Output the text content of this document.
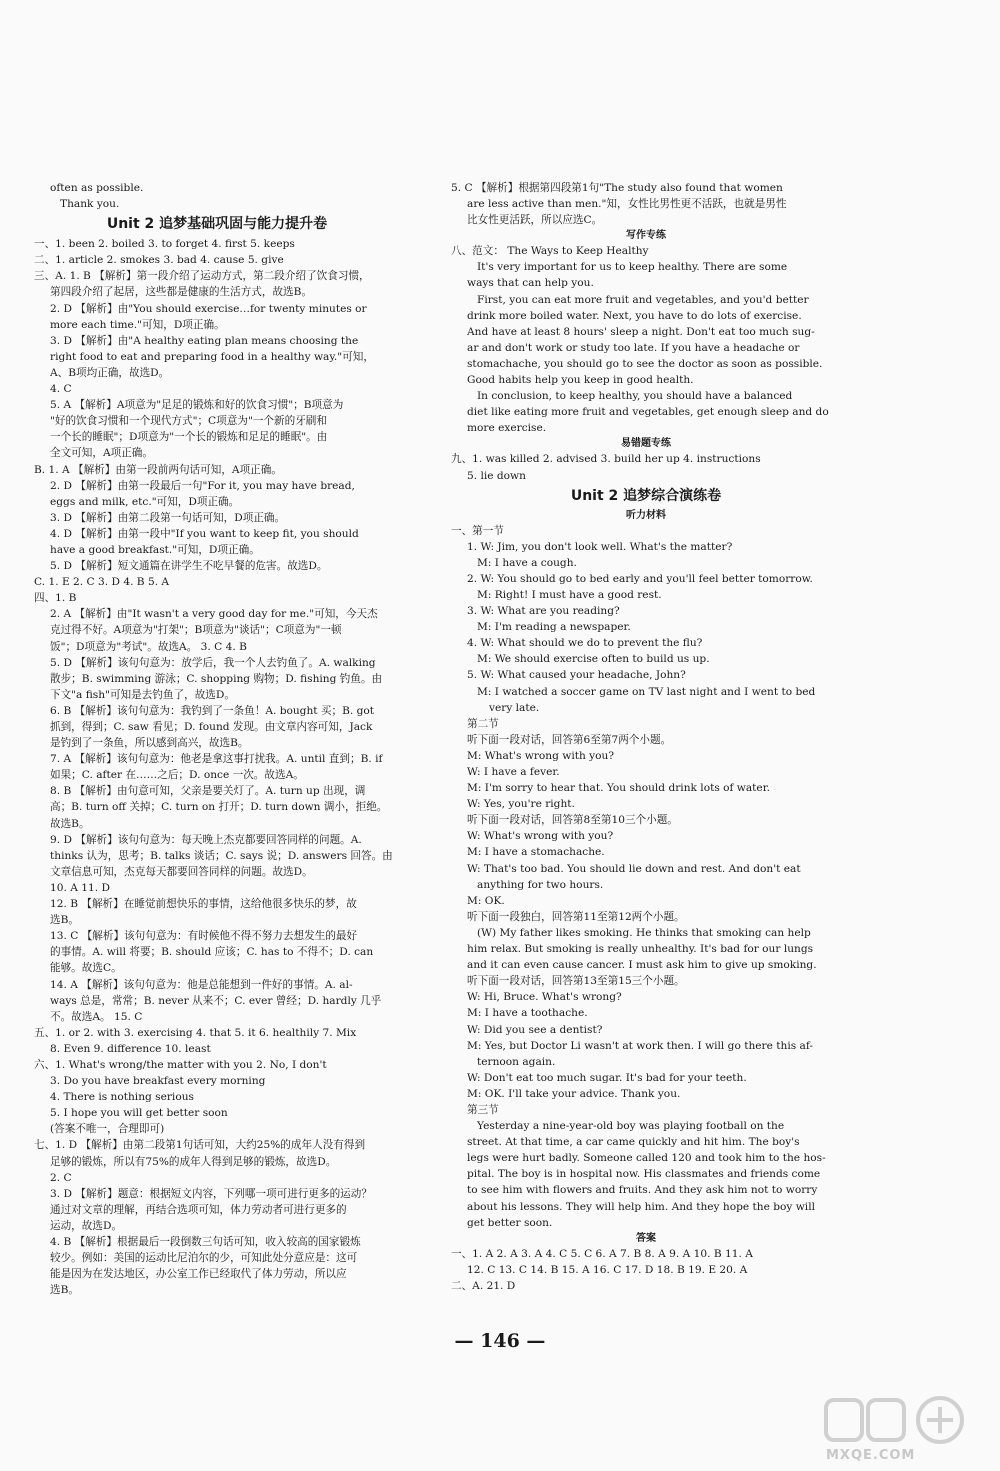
often as possible.
Thank you.
Unit 2 追梦基础巩固与能力提升卷
一、1. been 2. boiled 3. to forget 4. first 5. keeps
二、1. article 2. smokes 3. bad 4. cause 5. give
三、A. 1. B 【解析】第一段介绍了运动方式，第二段介绍了饮食习惯，
第四段介绍了起居，这些都是健康的生活方式，故选B。
2. D 【解析】由"You should exercise…for twenty minutes or
more each time."可知，D项正确。
3. D 【解析】由"A healthy eating plan means choosing the
right food to eat and preparing food in a healthy way."可知，
A、B项均正确，故选D。
4. C
5. A 【解析】A项意为"足足的锻炼和好的饮食习惯"；B项意为
"好的饮食习惯和一个现代方式"；C项意为"一个新的牙刷和
一个长的睡眠"；D项意为"一个长的锻炼和足足的睡眠"。由
全文可知，A项正确。
B. 1. A 【解析】由第一段前两句话可知，A项正确。
2. D 【解析】由第一段最后一句"For it, you may have bread,
eggs and milk, etc."可知，D项正确。
3. D 【解析】由第二段第一句话可知，D项正确。
4. D 【解析】由第一段中"If you want to keep fit, you should
have a good breakfast."可知，D项正确。
5. D 【解析】短文通篇在讲学生不吃早餐的危害。故选D。
C. 1. E 2. C 3. D 4. B 5. A
四、1. B
2. A 【解析】由"It wasn't a very good day for me."可知，今天杰
克过得不好。A项意为"打架"；B项意为"谈话"；C项意为"一顿
饭"；D项意为"考试"。故选A。 3. C 4. B
5. D 【解析】该句句意为：放学后，我一个人去钓鱼了。A. walking
散步；B. swimming 游泳；C. shopping 购物；D. fishing 钓鱼。由
下文"a fish"可知是去钓鱼了，故选D。
6. B 【解析】该句句意为：我钓到了一条鱼！A. bought 买；B. got
抓到，得到；C. saw 看见；D. found 发现。由文章内容可知，Jack
是钓到了一条鱼，所以感到高兴，故选B。
7. A 【解析】该句句意为：他老是拿这事打扰我。A. until 直到；B. if
如果；C. after 在……之后；D. once 一次。故选A。
8. B 【解析】由句意可知，父亲是要关灯了。A. turn up 出现，调
高；B. turn off 关掉；C. turn on 打开；D. turn down 调小，拒绝。
故选B。
9. D 【解析】该句句意为：每天晚上杰克都要回答同样的问题。A.
thinks 认为，思考；B. talks 谈话；C. says 说；D. answers 回答。由
文章信息可知，杰克每天都要回答同样的问题。故选D。
10. A 11. D
12. B 【解析】在睡觉前想快乐的事情，这给他很多快乐的梦，故
选B。
13. C 【解析】该句句意为：有时候他不得不努力去想发生的最好
的事情。A. will 将要；B. should 应该；C. has to 不得不；D. can
能够。故选C。
14. A 【解析】该句句意为：他是总能想到一件好的事情。A. al-
ways 总是，常常；B. never 从来不；C. ever 曾经；D. hardly 几乎
不。故选A。 15. C
五、1. or 2. with 3. exercising 4. that 5. it 6. healthily 7. Mix
8. Even 9. difference 10. least
六、1. What's wrong/the matter with you 2. No, I don't
3. Do you have breakfast every morning
4. There is nothing serious
5. I hope you will get better soon
(答案不唯一，合理即可)
七、1. D 【解析】由第二段第1句话可知，大约25%的成年人没有得到
足够的锻炼，所以有75%的成年人得到足够的锻炼，故选D。
2. C
3. D 【解析】题意：根据短文内容，下列哪一项可进行更多的运动？
通过对文章的理解，再结合选项可知，体力劳动者可进行更多的
运动，故选D。
4. B 【解析】根据最后一段倒数三句话可知，收入较高的国家锻炼
较少。例如：美国的运动比尼泊尔的少，可知此处分意应是：这可
能是因为在发达地区，办公室工作已经取代了体力劳动，所以应
选B。
5. C 【解析】根据第四段第1句"The study also found that women
are less active than men."知，女性比男性更不活跃，也就是男性
比女性更活跃，所以应选C。
写作专练
八、范文： The Ways to Keep Healthy
It's very important for us to keep healthy. There are some
ways that can help you.
First, you can eat more fruit and vegetables, and you'd better
drink more boiled water. Next, you have to do lots of exercise.
And have at least 8 hours' sleep a night. Don't eat too much sug-
ar and don't work or study too late. If you have a headache or
stomachache, you should go to see the doctor as soon as possible.
Good habits help you keep in good health.
In conclusion, to keep healthy, you should have a balanced
diet like eating more fruit and vegetables, get enough sleep and do
more exercise.
易错题专练
九、1. was killed 2. advised 3. build her up 4. instructions
5. lie down
Unit 2 追梦综合演练卷
听力材料
一、第一节
1. W: Jim, you don't look well. What's the matter?
M: I have a cough.
2. W: You should go to bed early and you'll feel better tomorrow.
M: Right! I must have a good rest.
3. W: What are you reading?
M: I'm reading a newspaper.
4. W: What should we do to prevent the flu?
M: We should exercise often to build us up.
5. W: What caused your headache, John?
M: I watched a soccer game on TV last night and I went to bed
very late.
第二节
听下面一段对话，回答第6至第7两个小题。
M: What's wrong with you?
W: I have a fever.
M: I'm sorry to hear that. You should drink lots of water.
W: Yes, you're right.
听下面一段对话，回答第8至第10三个小题。
W: What's wrong with you?
M: I have a stomachache.
W: That's too bad. You should lie down and rest. And don't eat
anything for two hours.
M: OK.
听下面一段独白，回答第11至第12两个小题。
(W) My father likes smoking. He thinks that smoking can help
him relax. But smoking is really unhealthy. It's bad for our lungs
and it can even cause cancer. I must ask him to give up smoking.
听下面一段对话，回答第13至第15三个小题。
W: Hi, Bruce. What's wrong?
M: I have a toothache.
W: Did you see a dentist?
M: Yes, but Doctor Li wasn't at work then. I will go there this af-
ternoon again.
W: Don't eat too much sugar. It's bad for your teeth.
M: OK. I'll take your advice. Thank you.
第三节
Yesterday a nine-year-old boy was playing football on the
street. At that time, a car came quickly and hit him. The boy's
legs were hurt badly. Someone called 120 and took him to the hos-
pital. The boy is in hospital now. His classmates and friends come
to see him with flowers and fruits. And they ask him not to worry
about his lessons. They will help him. And they hope the boy will
get better soon.
答案
一、1. A 2. A 3. A 4. C 5. C 6. A 7. B 8. A 9. A 10. B 11. A
12. C 13. C 14. B 15. A 16. C 17. D 18. B 19. E 20. A
二、A. 21. D
— 146 —
MXQE.COM
